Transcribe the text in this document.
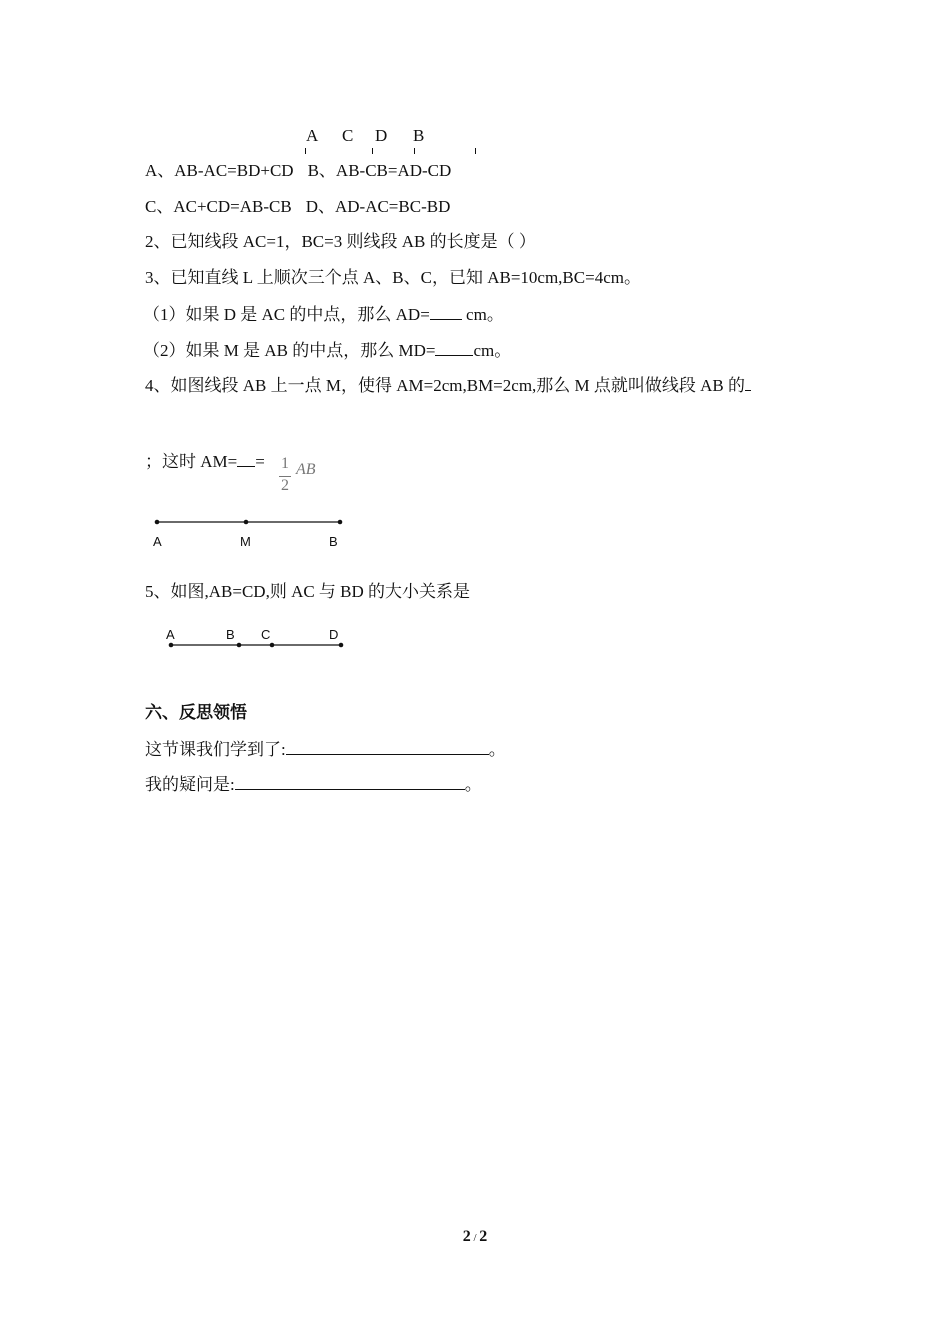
A C D B
A、AB-AC=BD+CD B、AB-CB=AD-CD
C、AC+CD=AB-CB D、AD-AC=BC-BD
2、已知线段 AC=1，BC=3 则线段 AB 的长度是（ ）
3、已知直线 L 上顺次三个点 A、B、C，已知 AB=10cm,BC=4cm。
（1）如果 D 是 AC 的中点，那么 AD= cm。
（2）如果 M 是 AB 的中点，那么 MD= cm。
4、如图线段 AB 上一点 M，使得 AM=2cm,BM=2cm,那么 M 点就叫做线段 AB 的
；这时 AM= = 1
2
AB
A	M	B
5、如图,AB=CD,则 AC 与 BD 的大小关系是
A	B C	D
六、反思领悟
这节课我们学到了:	。
我的疑问是:	。
2 / 2
